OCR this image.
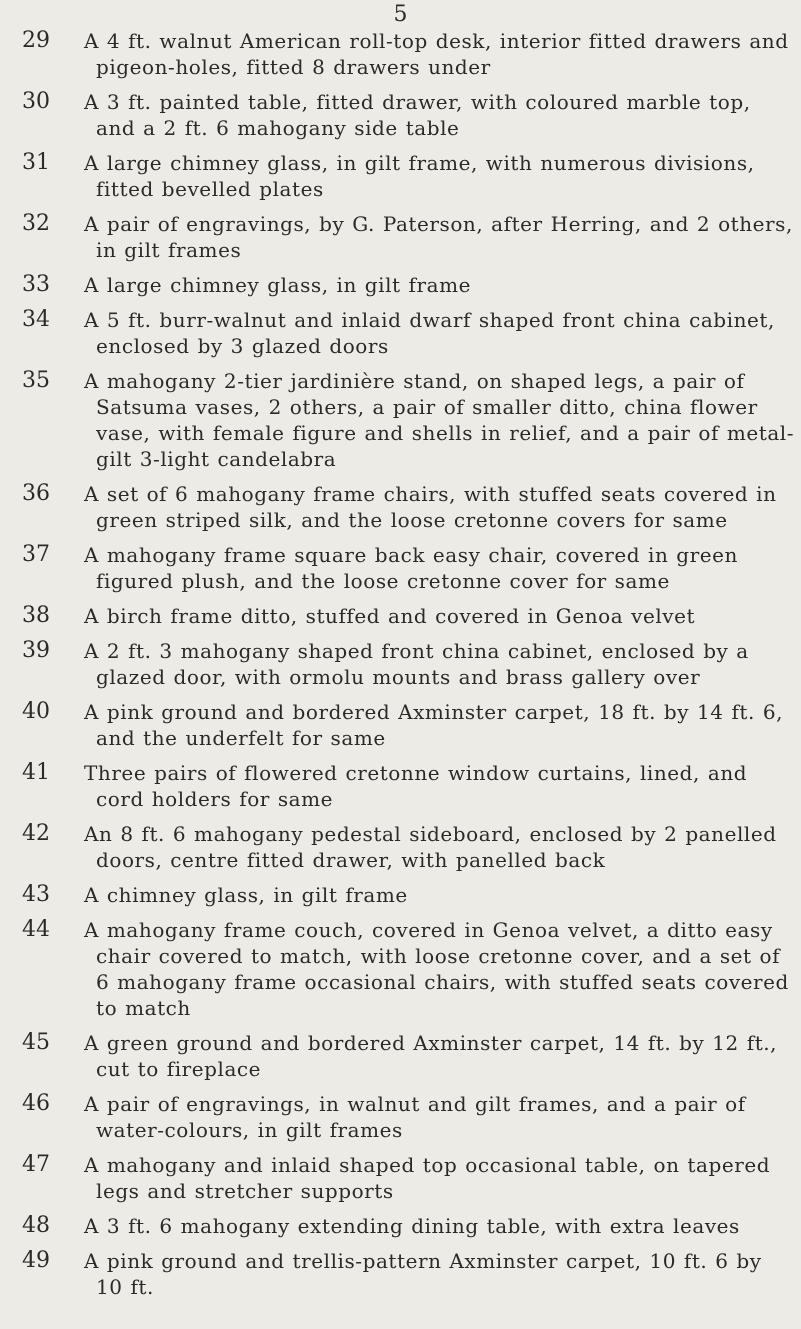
5
29	A 4 ft. walnut American roll-top desk, interior fitted drawers and pigeon-holes, fitted 8 drawers under
30	A 3 ft. painted table, fitted drawer, with coloured marble top, and a 2 ft. 6 mahogany side table
31	A large chimney glass, in gilt frame, with numerous divisions, fitted bevelled plates
32	A pair of engravings, by G. Paterson, after Herring, and 2 others, in gilt frames
33	A large chimney glass, in gilt frame
34	A 5 ft. burr-walnut and inlaid dwarf shaped front china cabinet, enclosed by 3 glazed doors
35	A mahogany 2-tier jardinière stand, on shaped legs, a pair of Satsuma vases, 2 others, a pair of smaller ditto, china flower vase, with female figure and shells in relief, and a pair of metal-gilt 3-light candelabra
36	A set of 6 mahogany frame chairs, with stuffed seats covered in green striped silk, and the loose cretonne covers for same
37	A mahogany frame square back easy chair, covered in green figured plush, and the loose cretonne cover for same
38	A birch frame ditto, stuffed and covered in Genoa velvet
39	A 2 ft. 3 mahogany shaped front china cabinet, enclosed by a glazed door, with ormolu mounts and brass gallery over
40	A pink ground and bordered Axminster carpet, 18 ft. by 14 ft. 6, and the underfelt for same
41	Three pairs of flowered cretonne window curtains, lined, and cord holders for same
42	An 8 ft. 6 mahogany pedestal sideboard, enclosed by 2 panelled doors, centre fitted drawer, with panelled back
43	A chimney glass, in gilt frame
44	A mahogany frame couch, covered in Genoa velvet, a ditto easy chair covered to match, with loose cretonne cover, and a set of 6 mahogany frame occasional chairs, with stuffed seats covered to match
45	A green ground and bordered Axminster carpet, 14 ft. by 12 ft., cut to fireplace
46	A pair of engravings, in walnut and gilt frames, and a pair of water-colours, in gilt frames
47	A mahogany and inlaid shaped top occasional table, on tapered legs and stretcher supports
48	A 3 ft. 6 mahogany extending dining table, with extra leaves
49	A pink ground and trellis-pattern Axminster carpet, 10 ft. 6 by 10 ft.
